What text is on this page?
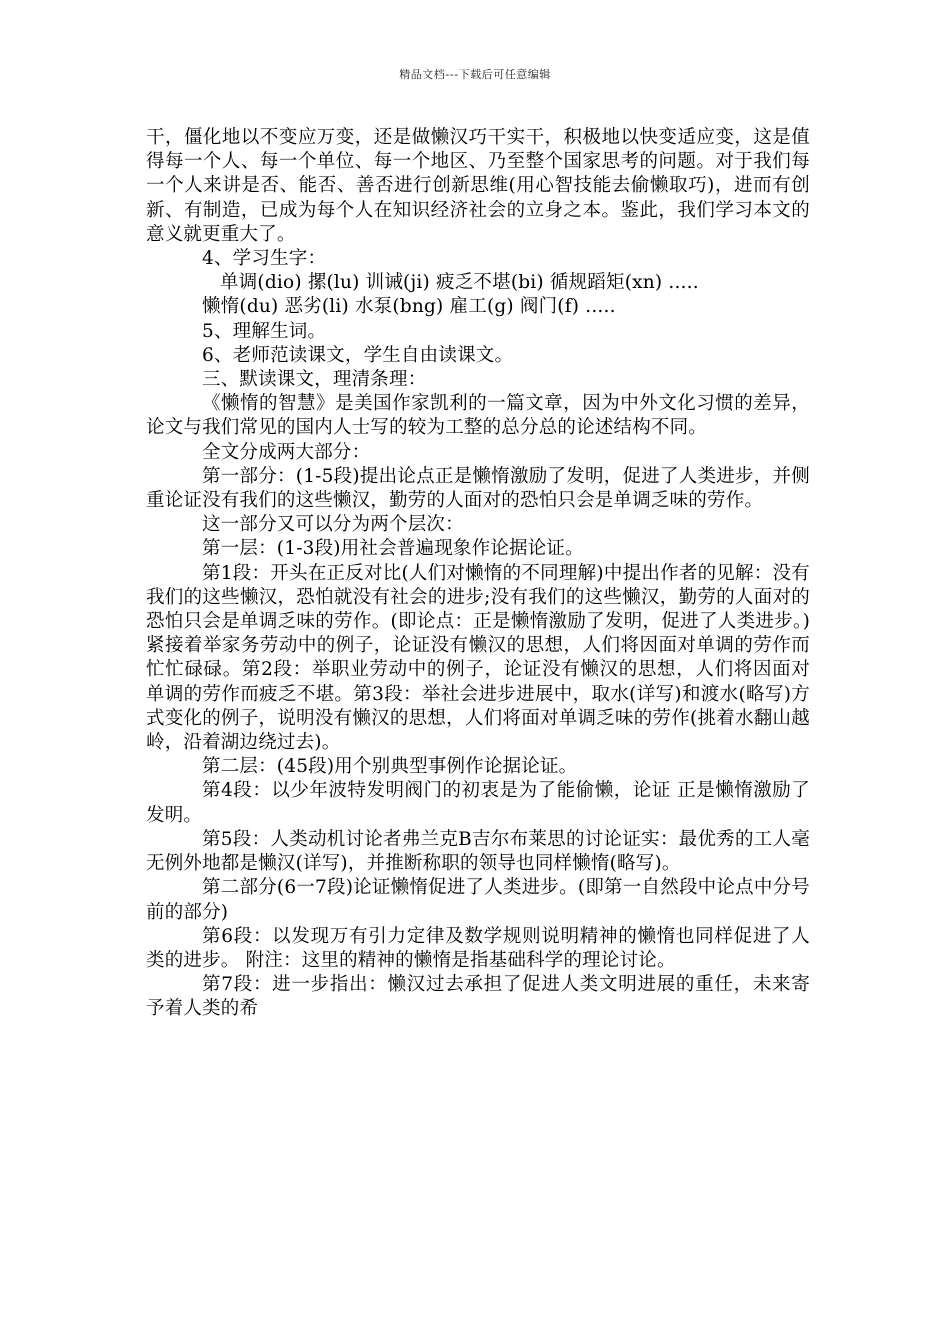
精品文档---下载后可任意编辑

干，僵化地以不变应万变，还是做懒汉巧干实干，积极地以快变适应变，这是值得每一个人、每一个单位、每一个地区、乃至整个国家思考的问题。对于我们每一个人来讲是否、能否、善否进行创新思维(用心智技能去偷懒取巧)，进而有创新、有制造，已成为每个人在知识经济社会的立身之本。鉴此，我们学习本文的意义就更重大了。

4、学习生字：

单调(dio) 摞(lu) 训诫(ji) 疲乏不堪(bi) 循规蹈矩(xn) .....

懒惰(du) 恶劣(li) 水泵(bng) 雇工(g) 阀门(f) .....

5、理解生词。

6、老师范读课文，学生自由读课文。

三、默读课文，理清条理：

《懒惰的智慧》是美国作家凯利的一篇文章，因为中外文化习惯的差异，论文与我们常见的国内人士写的较为工整的总分总的论述结构不同。

全文分成两大部分：

第一部分：(1-5段)提出论点正是懒惰激励了发明，促进了人类进步，并侧重论证没有我们的这些懒汉，勤劳的人面对的恐怕只会是单调乏味的劳作。

这一部分又可以分为两个层次：

第一层：(1-3段)用社会普遍现象作论据论证。

第1段：开头在正反对比(人们对懒惰的不同理解)中提出作者的见解：没有我们的这些懒汉，恐怕就没有社会的进步;没有我们的这些懒汉，勤劳的人面对的恐怕只会是单调乏味的劳作。(即论点：正是懒惰激励了发明，促进了人类进步。)紧接着举家务劳动中的例子，论证没有懒汉的思想，人们将因面对单调的劳作而忙忙碌碌。第2段：举职业劳动中的例子，论证没有懒汉的思想，人们将因面对单调的劳作而疲乏不堪。第3段：举社会进步进展中，取水(详写)和渡水(略写)方式变化的例子，说明没有懒汉的思想，人们将面对单调乏味的劳作(挑着水翻山越岭，沿着湖边绕过去)。

第二层：(45段)用个别典型事例作论据论证。

第4段：以少年波特发明阀门的初衷是为了能偷懒，论证 正是懒惰激励了发明。

第5段：人类动机讨论者弗兰克B吉尔布莱思的讨论证实：最优秀的工人毫无例外地都是懒汉(详写)，并推断称职的领导也同样懒惰(略写)。

第二部分(6一7段)论证懒惰促进了人类进步。(即第一自然段中论点中分号前的部分)

第6段：以发现万有引力定律及数学规则说明精神的懒惰也同样促进了人类的进步。 附注：这里的精神的懒惰是指基础科学的理论讨论。

第7段：进一步指出：懒汉过去承担了促进人类文明进展的重任，未来寄予着人类的希
